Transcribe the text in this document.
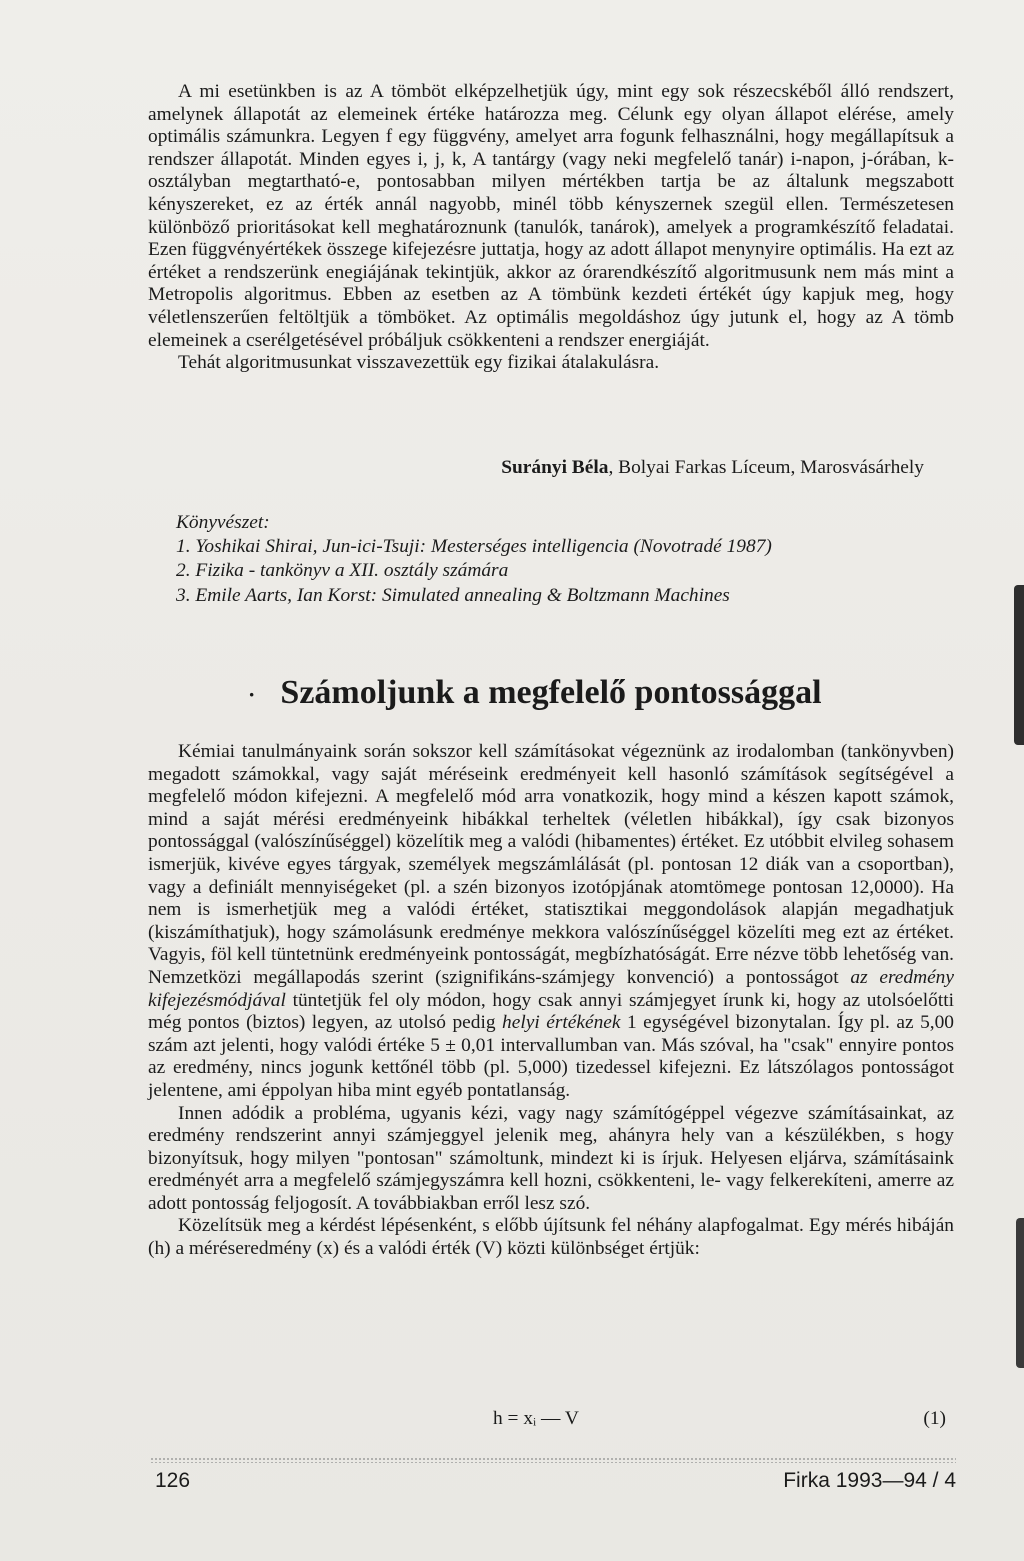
A mi esetünkben is az A tömböt elképzelhetjük úgy, mint egy sok részecskéből álló rendszert, amelynek állapotát az elemeinek értéke határozza meg. Célunk egy olyan állapot elérése, amely optimális számunkra. Legyen f egy függvény, amelyet arra fogunk felhasználni, hogy megállapítsuk a rendszer állapotát. Minden egyes i, j, k, A tantárgy (vagy neki megfelelő tanár) i-napon, j-órában, k-osztályban megtartható-e, pontosabban milyen mértékben tartja be az általunk megszabott kényszereket, ez az érték annál nagyobb, minél több kényszernek szegül ellen. Természetesen különböző prioritásokat kell meghatároznunk (tanulók, tanárok), amelyek a programkészítő feladatai. Ezen függvényértékek összege kifejezésre juttatja, hogy az adott állapot menynyire optimális. Ha ezt az értéket a rendszerünk enegiájának tekintjük, akkor az órarendkészítő algoritmusunk nem más mint a Metropolis algoritmus. Ebben az esetben az A tömbünk kezdeti értékét úgy kapjuk meg, hogy véletlenszerűen feltöltjük a tömböket. Az optimális megoldáshoz úgy jutunk el, hogy az A tömb elemeinek a cserélgetésével próbáljuk csökkenteni a rendszer energiáját.

Tehát algoritmusunkat visszavezettük egy fizikai átalakulásra.

Surányi Béla, Bolyai Farkas Líceum, Marosvásárhely
Könyvészet:
1. Yoshikai Shirai, Jun-ici-Tsuji: Mesterséges intelligencia (Novotradé 1987)
2. Fizika - tankönyv a XII. osztály számára
3. Emile Aarts, Ian Korst: Simulated annealing & Boltzmann Machines
· Számoljunk a megfelelő pontossággal

Kémiai tanulmányaink során sokszor kell számításokat végeznünk az irodalomban (tankönyvben) megadott számokkal, vagy saját méréseink eredményeit kell hasonló számítások segítségével a megfelelő módon kifejezni. A megfelelő mód arra vonatkozik, hogy mind a készen kapott számok, mind a saját mérési eredményeink hibákkal terheltek (véletlen hibákkal), így csak bizonyos pontossággal (valószínűséggel) közelítik meg a valódi (hibamentes) értéket. Ez utóbbit elvileg sohasem ismerjük, kivéve egyes tárgyak, személyek megszámlálását (pl. pontosan 12 diák van a csoportban), vagy a definiált mennyiségeket (pl. a szén bizonyos izotópjának atomtömege pontosan 12,0000). Ha nem is ismerhetjük meg a valódi értéket, statisztikai meggondolások alapján megadhatjuk (kiszámíthatjuk), hogy számolásunk eredménye mekkora valószínűséggel közelíti meg ezt az értéket. Vagyis, föl kell tüntetnünk eredményeink pontosságát, megbízhatóságát. Erre nézve több lehetőség van. Nemzetközi megállapodás szerint (szignifikáns-számjegy konvenció) a pontosságot az eredmény kifejezésmódjával tüntetjük fel oly módon, hogy csak annyi számjegyet írunk ki, hogy az utolsóelőtti még pontos (biztos) legyen, az utolsó pedig helyi értékének 1 egységével bizonytalan. Így pl. az 5,00 szám azt jelenti, hogy valódi értéke 5 ± 0,01 intervallumban van. Más szóval, ha "csak" ennyire pontos az eredmény, nincs jogunk kettőnél több (pl. 5,000) tizedessel kifejezni. Ez látszólagos pontosságot jelentene, ami éppolyan hiba mint egyéb pontatlanság.

Innen adódik a probléma, ugyanis kézi, vagy nagy számítógéppel végezve számításainkat, az eredmény rendszerint annyi számjeggyel jelenik meg, ahányra hely van a készülékben, s hogy bizonyítsuk, hogy milyen "pontosan" számoltunk, mindezt ki is írjuk. Helyesen eljárva, számításaink eredményét arra a megfelelő számjegyszámra kell hozni, csökkenteni, le- vagy felkerekíteni, amerre az adott pontosság feljogosít. A továbbiakban erről lesz szó.

Közelítsük meg a kérdést lépésenként, s előbb újítsunk fel néhány alapfogalmat. Egy mérés hibáján (h) a méréseredmény (x) és a valódi érték (V) közti különbséget értjük:

h = xᵢ — V	(1)
126	Firka 1993—94 / 4
